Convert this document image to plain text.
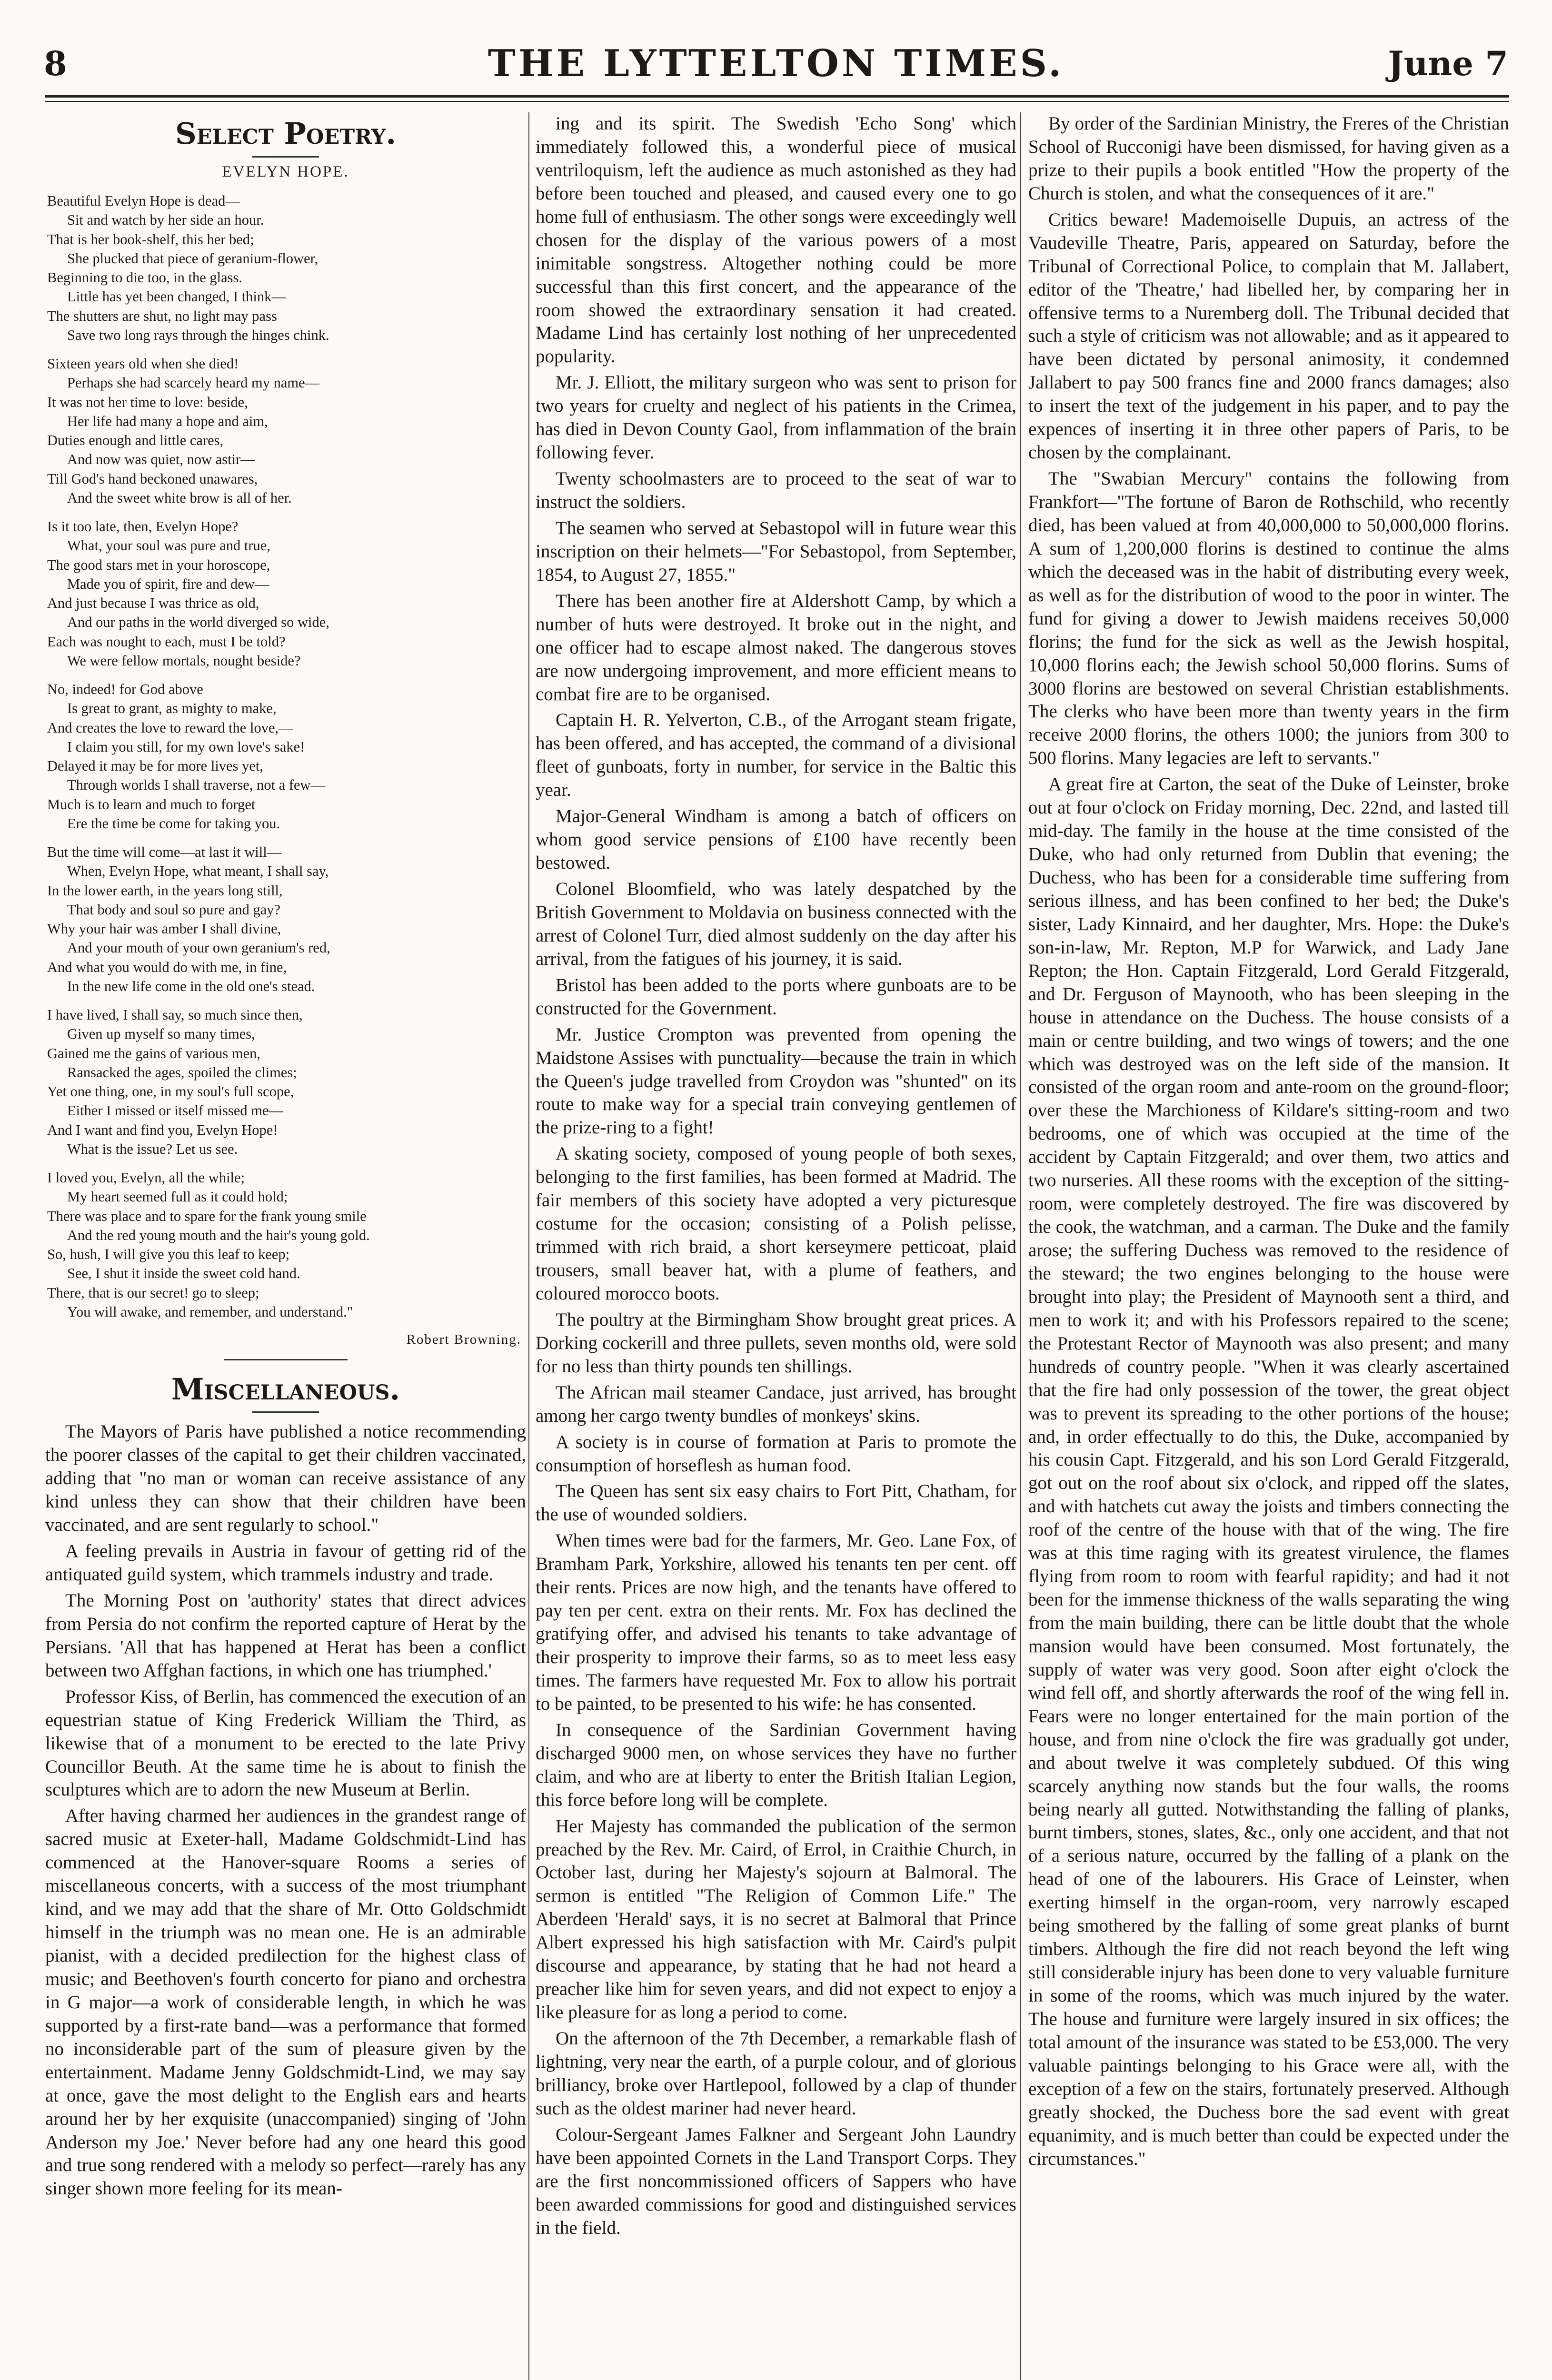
8	THE LYTTELTON TIMES.	June 7
Select Poetry.
EVELYN HOPE.

Beautiful Evelyn Hope is dead—

Sit and watch by her side an hour.

That is her book-shelf, this her bed;

She plucked that piece of geranium-flower,

Beginning to die too, in the glass.

Little has yet been changed, I think—

The shutters are shut, no light may pass

Save two long rays through the hinges chink.

Sixteen years old when she died!

Perhaps she had scarcely heard my name—

It was not her time to love: beside,

Her life had many a hope and aim,

Duties enough and little cares,

And now was quiet, now astir—

Till God's hand beckoned unawares,

And the sweet white brow is all of her.

Is it too late, then, Evelyn Hope?

What, your soul was pure and true,

The good stars met in your horoscope,

Made you of spirit, fire and dew—

And just because I was thrice as old,

And our paths in the world diverged so wide,

Each was nought to each, must I be told?

We were fellow mortals, nought beside?

No, indeed! for God above

Is great to grant, as mighty to make,

And creates the love to reward the love,—

I claim you still, for my own love's sake!

Delayed it may be for more lives yet,

Through worlds I shall traverse, not a few—

Much is to learn and much to forget

Ere the time be come for taking you.

But the time will come—at last it will—

When, Evelyn Hope, what meant, I shall say,

In the lower earth, in the years long still,

That body and soul so pure and gay?

Why your hair was amber I shall divine,

And your mouth of your own geranium's red,

And what you would do with me, in fine,

In the new life come in the old one's stead.

I have lived, I shall say, so much since then,

Given up myself so many times,

Gained me the gains of various men,

Ransacked the ages, spoiled the climes;

Yet one thing, one, in my soul's full scope,

Either I missed or itself missed me—

And I want and find you, Evelyn Hope!

What is the issue? Let us see.

I loved you, Evelyn, all the while;

My heart seemed full as it could hold;

There was place and to spare for the frank young smile

And the red young mouth and the hair's young gold.

So, hush, I will give you this leaf to keep;

See, I shut it inside the sweet cold hand.

There, that is our secret! go to sleep;

You will awake, and remember, and understand."

Robert Browning.
Miscellaneous.

The Mayors of Paris have published a notice recommending the poorer classes of the capital to get their children vaccinated, adding that "no man or woman can receive assistance of any kind unless they can show that their children have been vaccinated, and are sent regularly to school."

A feeling prevails in Austria in favour of getting rid of the antiquated guild system, which trammels industry and trade.

The Morning Post on 'authority' states that direct advices from Persia do not confirm the reported capture of Herat by the Persians. 'All that has happened at Herat has been a conflict between two Affghan factions, in which one has triumphed.'

Professor Kiss, of Berlin, has commenced the execution of an equestrian statue of King Frederick William the Third, as likewise that of a monument to be erected to the late Privy Councillor Beuth. At the same time he is about to finish the sculptures which are to adorn the new Museum at Berlin.

After having charmed her audiences in the grandest range of sacred music at Exeter-hall, Madame Goldschmidt-Lind has commenced at the Hanover-square Rooms a series of miscellaneous concerts, with a success of the most triumphant kind, and we may add that the share of Mr. Otto Goldschmidt himself in the triumph was no mean one. He is an admirable pianist, with a decided predilection for the highest class of music; and Beethoven's fourth concerto for piano and orchestra in G major—a work of considerable length, in which he was supported by a first-rate band—was a performance that formed no inconsiderable part of the sum of pleasure given by the entertainment. Madame Jenny Goldschmidt-Lind, we may say at once, gave the most delight to the English ears and hearts around her by her exquisite (unaccompanied) singing of 'John Anderson my Joe.' Never before had any one heard this good and true song rendered with a melody so perfect—rarely has any singer shown more feeling for its mean-

ing and its spirit. The Swedish 'Echo Song' which immediately followed this, a wonderful piece of musical ventriloquism, left the audience as much astonished as they had before been touched and pleased, and caused every one to go home full of enthusiasm. The other songs were exceedingly well chosen for the display of the various powers of a most inimitable songstress. Altogether nothing could be more successful than this first concert, and the appearance of the room showed the extraordinary sensation it had created. Madame Lind has certainly lost nothing of her unprecedented popularity.

Mr. J. Elliott, the military surgeon who was sent to prison for two years for cruelty and neglect of his patients in the Crimea, has died in Devon County Gaol, from inflammation of the brain following fever.

Twenty schoolmasters are to proceed to the seat of war to instruct the soldiers.

The seamen who served at Sebastopol will in future wear this inscription on their helmets—"For Sebastopol, from September, 1854, to August 27, 1855."

There has been another fire at Aldershott Camp, by which a number of huts were destroyed. It broke out in the night, and one officer had to escape almost naked. The dangerous stoves are now undergoing improvement, and more efficient means to combat fire are to be organised.

Captain H. R. Yelverton, C.B., of the Arrogant steam frigate, has been offered, and has accepted, the command of a divisional fleet of gunboats, forty in number, for service in the Baltic this year.

Major-General Windham is among a batch of officers on whom good service pensions of £100 have recently been bestowed.

Colonel Bloomfield, who was lately despatched by the British Government to Moldavia on business connected with the arrest of Colonel Turr, died almost suddenly on the day after his arrival, from the fatigues of his journey, it is said.

Bristol has been added to the ports where gunboats are to be constructed for the Government.

Mr. Justice Crompton was prevented from opening the Maidstone Assises with punctuality—because the train in which the Queen's judge travelled from Croydon was "shunted" on its route to make way for a special train conveying gentlemen of the prize-ring to a fight!

A skating society, composed of young people of both sexes, belonging to the first families, has been formed at Madrid. The fair members of this society have adopted a very picturesque costume for the occasion; consisting of a Polish pelisse, trimmed with rich braid, a short kerseymere petticoat, plaid trousers, small beaver hat, with a plume of feathers, and coloured morocco boots.

The poultry at the Birmingham Show brought great prices. A Dorking cockerill and three pullets, seven months old, were sold for no less than thirty pounds ten shillings.

The African mail steamer Candace, just arrived, has brought among her cargo twenty bundles of monkeys' skins.

A society is in course of formation at Paris to promote the consumption of horseflesh as human food.

The Queen has sent six easy chairs to Fort Pitt, Chatham, for the use of wounded soldiers.

When times were bad for the farmers, Mr. Geo. Lane Fox, of Bramham Park, Yorkshire, allowed his tenants ten per cent. off their rents. Prices are now high, and the tenants have offered to pay ten per cent. extra on their rents. Mr. Fox has declined the gratifying offer, and advised his tenants to take advantage of their prosperity to improve their farms, so as to meet less easy times. The farmers have requested Mr. Fox to allow his portrait to be painted, to be presented to his wife: he has consented.

In consequence of the Sardinian Government having discharged 9000 men, on whose services they have no further claim, and who are at liberty to enter the British Italian Legion, this force before long will be complete.

Her Majesty has commanded the publication of the sermon preached by the Rev. Mr. Caird, of Errol, in Craithie Church, in October last, during her Majesty's sojourn at Balmoral. The sermon is entitled "The Religion of Common Life." The Aberdeen 'Herald' says, it is no secret at Balmoral that Prince Albert expressed his high satisfaction with Mr. Caird's pulpit discourse and appearance, by stating that he had not heard a preacher like him for seven years, and did not expect to enjoy a like pleasure for as long a period to come.

On the afternoon of the 7th December, a remarkable flash of lightning, very near the earth, of a purple colour, and of glorious brilliancy, broke over Hartlepool, followed by a clap of thunder such as the oldest mariner had never heard.

Colour-Sergeant James Falkner and Sergeant John Laundry have been appointed Cornets in the Land Transport Corps. They are the first noncommissioned officers of Sappers who have been awarded commissions for good and distinguished services in the field.

By order of the Sardinian Ministry, the Freres of the Christian School of Rucconigi have been dismissed, for having given as a prize to their pupils a book entitled "How the property of the Church is stolen, and what the consequences of it are."

Critics beware! Mademoiselle Dupuis, an actress of the Vaudeville Theatre, Paris, appeared on Saturday, before the Tribunal of Correctional Police, to complain that M. Jallabert, editor of the 'Theatre,' had libelled her, by comparing her in offensive terms to a Nuremberg doll. The Tribunal decided that such a style of criticism was not allowable; and as it appeared to have been dictated by personal animosity, it condemned Jallabert to pay 500 francs fine and 2000 francs damages; also to insert the text of the judgement in his paper, and to pay the expences of inserting it in three other papers of Paris, to be chosen by the complainant.

The "Swabian Mercury" contains the following from Frankfort—"The fortune of Baron de Rothschild, who recently died, has been valued at from 40,000,000 to 50,000,000 florins. A sum of 1,200,000 florins is destined to continue the alms which the deceased was in the habit of distributing every week, as well as for the distribution of wood to the poor in winter. The fund for giving a dower to Jewish maidens receives 50,000 florins; the fund for the sick as well as the Jewish hospital, 10,000 florins each; the Jewish school 50,000 florins. Sums of 3000 florins are bestowed on several Christian establishments. The clerks who have been more than twenty years in the firm receive 2000 florins, the others 1000; the juniors from 300 to 500 florins. Many legacies are left to servants."

A great fire at Carton, the seat of the Duke of Leinster, broke out at four o'clock on Friday morning, Dec. 22nd, and lasted till mid-day. The family in the house at the time consisted of the Duke, who had only returned from Dublin that evening; the Duchess, who has been for a considerable time suffering from serious illness, and has been confined to her bed; the Duke's sister, Lady Kinnaird, and her daughter, Mrs. Hope: the Duke's son-in-law, Mr. Repton, M.P for Warwick, and Lady Jane Repton; the Hon. Captain Fitzgerald, Lord Gerald Fitzgerald, and Dr. Ferguson of Maynooth, who has been sleeping in the house in attendance on the Duchess. The house consists of a main or centre building, and two wings of towers; and the one which was destroyed was on the left side of the mansion. It consisted of the organ room and ante-room on the ground-floor; over these the Marchioness of Kildare's sitting-room and two bedrooms, one of which was occupied at the time of the accident by Captain Fitzgerald; and over them, two attics and two nurseries. All these rooms with the exception of the sitting-room, were completely destroyed. The fire was discovered by the cook, the watchman, and a carman. The Duke and the family arose; the suffering Duchess was removed to the residence of the steward; the two engines belonging to the house were brought into play; the President of Maynooth sent a third, and men to work it; and with his Professors repaired to the scene; the Protestant Rector of Maynooth was also present; and many hundreds of country people. "When it was clearly ascertained that the fire had only possession of the tower, the great object was to prevent its spreading to the other portions of the house; and, in order effectually to do this, the Duke, accompanied by his cousin Capt. Fitzgerald, and his son Lord Gerald Fitzgerald, got out on the roof about six o'clock, and ripped off the slates, and with hatchets cut away the joists and timbers connecting the roof of the centre of the house with that of the wing. The fire was at this time raging with its greatest virulence, the flames flying from room to room with fearful rapidity; and had it not been for the immense thickness of the walls separating the wing from the main building, there can be little doubt that the whole mansion would have been consumed. Most fortunately, the supply of water was very good. Soon after eight o'clock the wind fell off, and shortly afterwards the roof of the wing fell in. Fears were no longer entertained for the main portion of the house, and from nine o'clock the fire was gradually got under, and about twelve it was completely subdued. Of this wing scarcely anything now stands but the four walls, the rooms being nearly all gutted. Notwithstanding the falling of planks, burnt timbers, stones, slates, &c., only one accident, and that not of a serious nature, occurred by the falling of a plank on the head of one of the labourers. His Grace of Leinster, when exerting himself in the organ-room, very narrowly escaped being smothered by the falling of some great planks of burnt timbers. Although the fire did not reach beyond the left wing still considerable injury has been done to very valuable furniture in some of the rooms, which was much injured by the water. The house and furniture were largely insured in six offices; the total amount of the insurance was stated to be £53,000. The very valuable paintings belonging to his Grace were all, with the exception of a few on the stairs, fortunately preserved. Although greatly shocked, the Duchess bore the sad event with great equanimity, and is much better than could be expected under the circumstances."
